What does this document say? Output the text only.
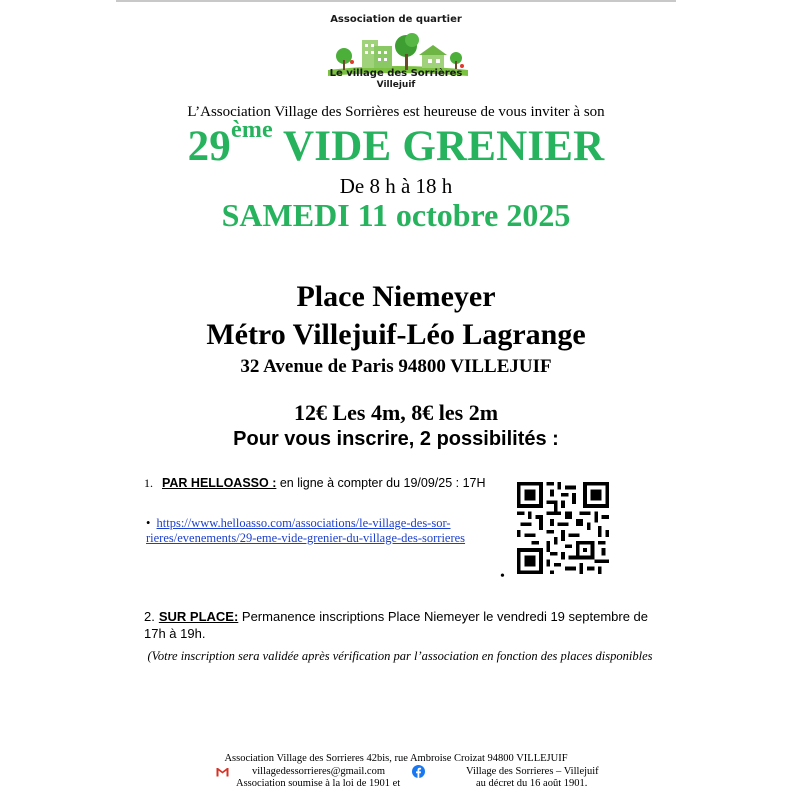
Association de quartier
Le village des Sorrières
Villejuif
L’Association Village des Sorrières est heureuse de vous inviter à son
29ème VIDE GRENIER
De 8 h à 18 h
SAMEDI 11 octobre 2025
Place Niemeyer
Métro Villejuif-Léo Lagrange
32 Avenue de Paris 94800 VILLEJUIF
12€ Les 4m, 8€ les 2m
Pour vous inscrire, 2 possibilités :
1. PAR HELLOASSO : en ligne à compter du 19/09/25 : 17H
• https://www.helloasso.com/associations/le-village-des-sor-
rieres/evenements/29-eme-vide-grenier-du-village-des-sorrieres
•
2. SUR PLACE: Permanence inscriptions Place Niemeyer le vendredi 19 septembre de 17h à 19h.
(Votre inscription sera validée après vérification par l’association en fonction des places disponibles
Association Village des Sorrieres 42bis, rue Ambroise Croizat 94800 VILLEJUIF
villagedessorrieres@gmail.com
Association soumise à la loi de 1901 et
Village des Sorrieres – Villejuif
au décret du 16 août 1901.
